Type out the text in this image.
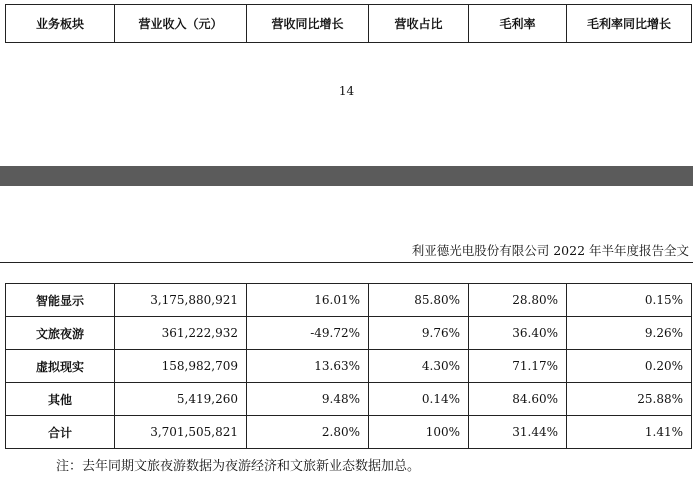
业务板块	营业收入（元）	营收同比增长	营收占比	毛利率	毛利率同比增长
14
利亚德光电股份有限公司 2022 年半年度报告全文
智能显示	3,175,880,921	16.01%	85.80%	28.80%	0.15%
文旅夜游	361,222,932	-49.72%	9.76%	36.40%	9.26%
虚拟现实	158,982,709	13.63%	4.30%	71.17%	0.20%
其他	5,419,260	9.48%	0.14%	84.60%	25.88%
合计	3,701,505,821	2.80%	100%	31.44%	1.41%
注：去年同期文旅夜游数据为夜游经济和文旅新业态数据加总。
